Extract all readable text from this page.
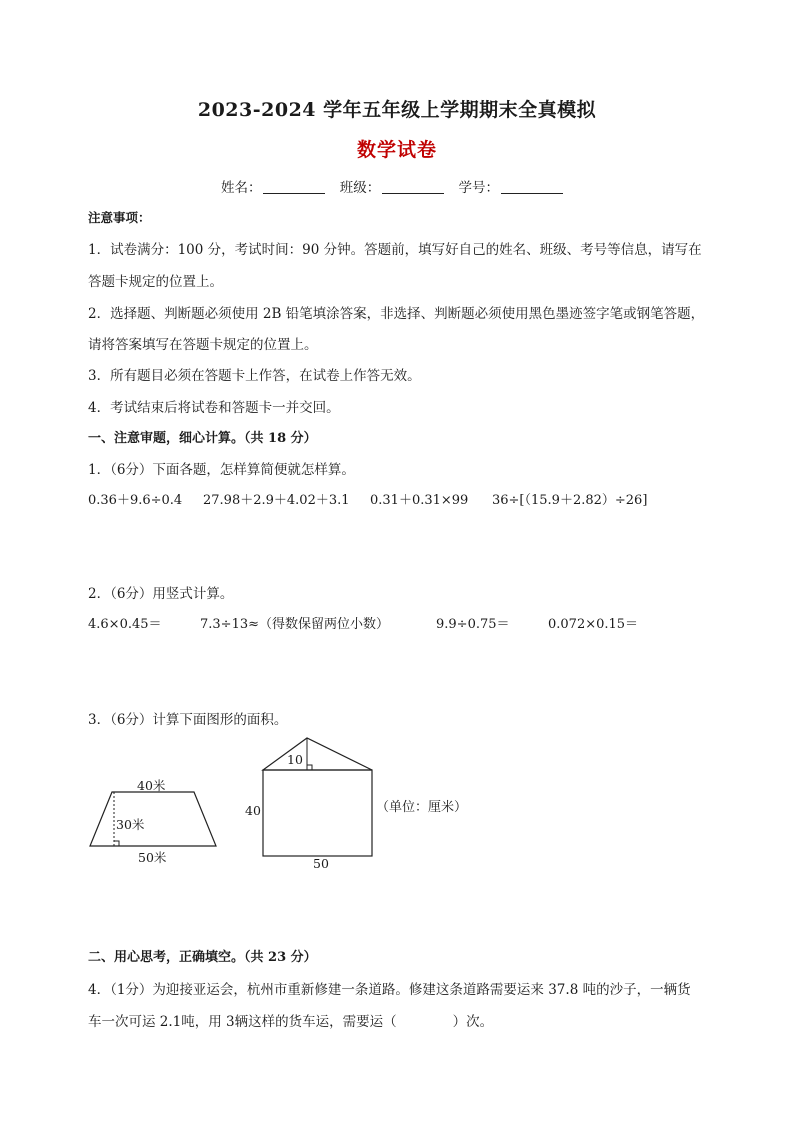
2023-2024 学年五年级上学期期末全真模拟
数学试卷
姓名：	班级：	学号：
注意事项：
1．试卷满分：100 分，考试时间：90 分钟。答题前，填写好自己的姓名、班级、考号等信息，请写在
答题卡规定的位置上。
2．选择题、判断题必须使用 2B 铅笔填涂答案，非选择、判断题必须使用黑色墨迹签字笔或钢笔答题，
请将答案填写在答题卡规定的位置上。
3．所有题目必须在答题卡上作答，在试卷上作答无效。
4．考试结束后将试卷和答题卡一并交回。
一、注意审题，细心计算。（共 18 分）
1．（6分）下面各题，怎样算简便就怎样算。
0.36＋9.6÷0.4 27.98＋2.9＋4.02＋3.1 0.31＋0.31×99 36÷[（15.9＋2.82）÷26]
2．（6分）用竖式计算。
4.6×0.45＝	7.3÷13≈（得数保留两位小数）	9.9÷0.75＝	0.072×0.15＝
3．（6分）计算下面图形的面积。
40米
30米
50米
10
40
50
（单位：厘米）
二、用心思考，正确填空。（共 23 分）
4．（1分）为迎接亚运会，杭州市重新修建一条道路。修建这条道路需要运来 37.8 吨的沙子，一辆货
车一次可运 2.1吨，用 3辆这样的货车运，需要运（	）次。
